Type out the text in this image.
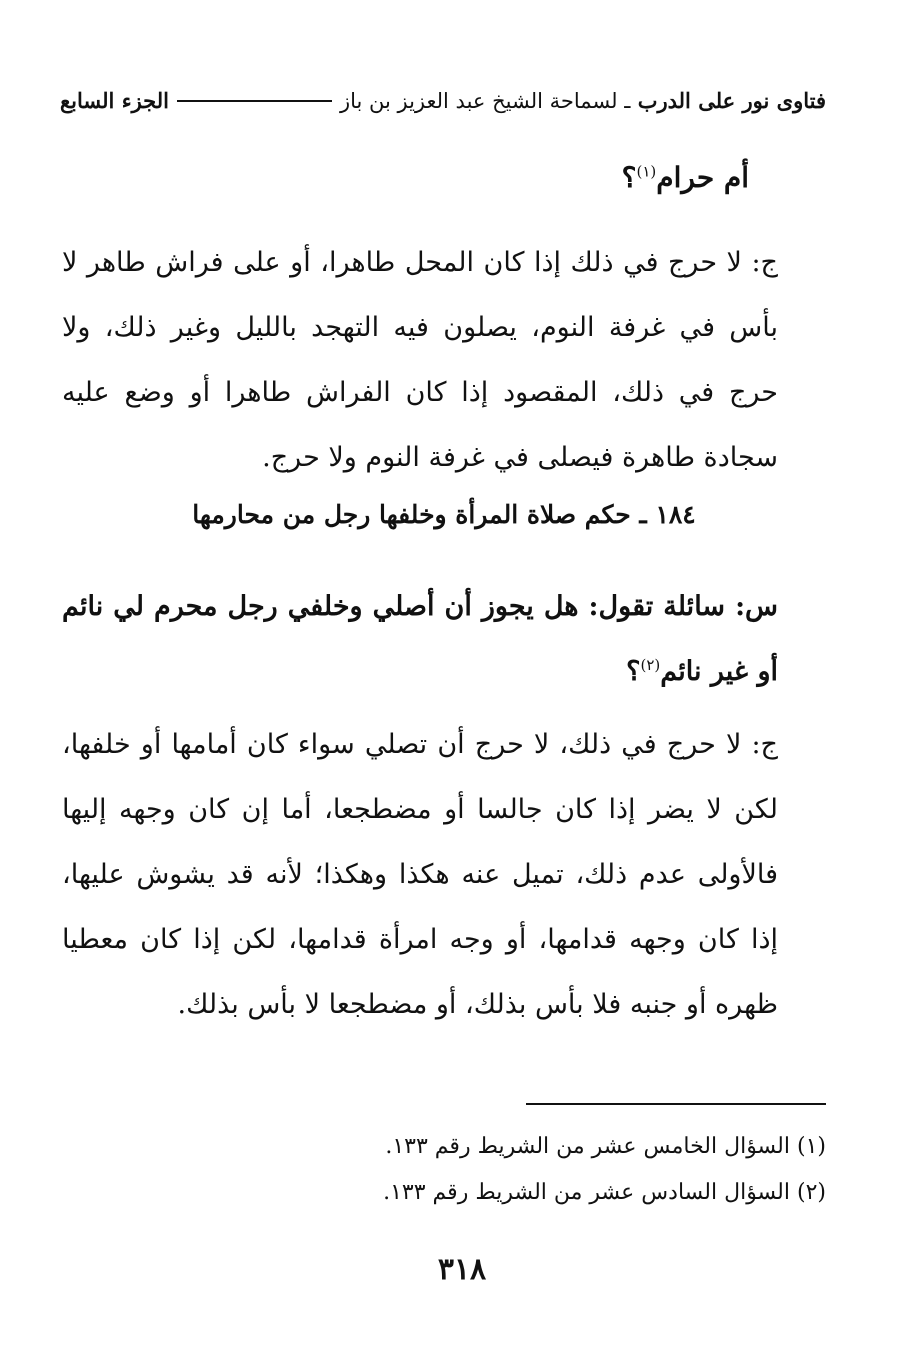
فتاوى نور على الدرب ـ لسماحة الشيخ عبد العزيز بن باز
الجزء السابع
أم حرام$^{(١)}$؟
ج: لا حرج في ذلك إذا كان المحل طاهرا، أو على فراش طاهر لا بأس في غرفة النوم، يصلون فيه التهجد بالليل وغير ذلك، ولا حرج في ذلك، المقصود إذا كان الفراش طاهرا أو وضع عليه سجادة طاهرة فيصلى في غرفة النوم ولا حرج.
١٨٤ ـ حكم صلاة المرأة وخلفها رجل من محارمها
س: سائلة تقول: هل يجوز أن أصلي وخلفي رجل محرم لي نائم أو غير نائم$^{(٢)}$؟
ج: لا حرج في ذلك، لا حرج أن تصلي سواء كان أمامها أو خلفها، لكن لا يضر إذا كان جالسا أو مضطجعا، أما إن كان وجهه إليها فالأولى عدم ذلك، تميل عنه هكذا وهكذا؛ لأنه قد يشوش عليها، إذا كان وجهه قدامها، أو وجه امرأة قدامها، لكن إذا كان معطيا ظهره أو جنبه فلا بأس بذلك، أو مضطجعا لا بأس بذلك.
(١) السؤال الخامس عشر من الشريط رقم ١٣٣.
(٢) السؤال السادس عشر من الشريط رقم ١٣٣.
٣١٨
